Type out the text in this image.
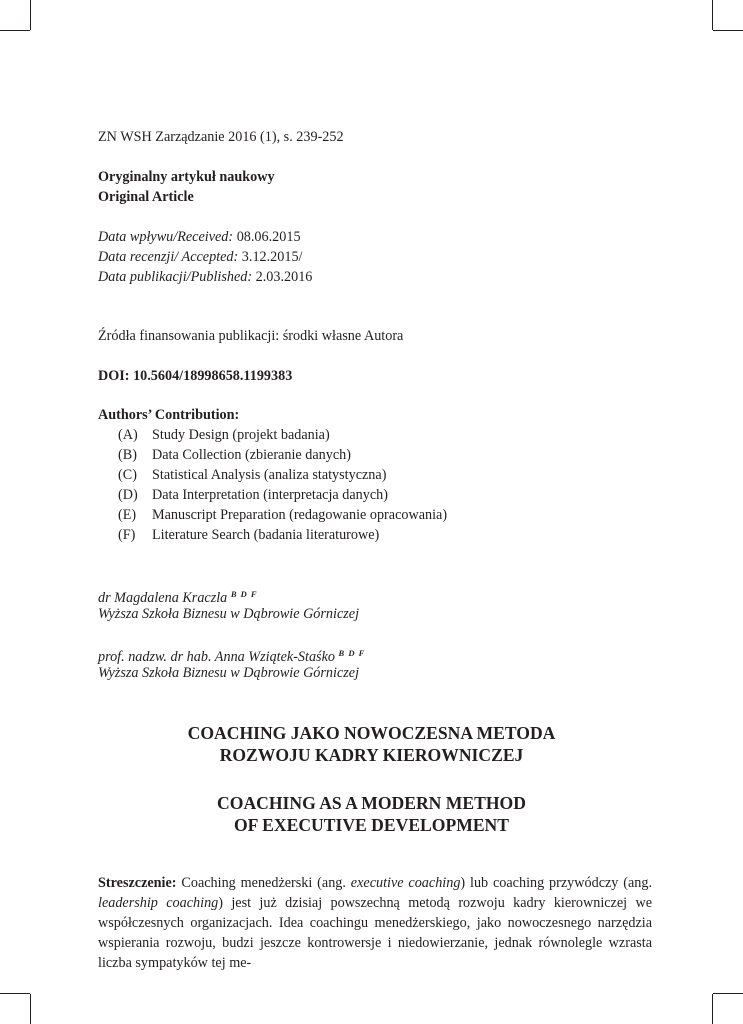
ZN WSH Zarządzanie 2016 (1), s. 239-252
Oryginalny artykuł naukowy
Original Article
Data wpływu/Received: 08.06.2015
Data recenzji/ Accepted: 3.12.2015/
Data publikacji/Published: 2.03.2016
Źródła finansowania publikacji: środki własne Autora
DOI: 10.5604/18998658.1199383
Authors’ Contribution:
(A) Study Design (projekt badania)
(B) Data Collection (zbieranie danych)
(C) Statistical Analysis (analiza statystyczna)
(D) Data Interpretation (interpretacja danych)
(E) Manuscript Preparation (redagowanie opracowania)
(F) Literature Search (badania literaturowe)
dr Magdalena Kraczla $^{B D F}$
Wyższa Szkoła Biznesu w Dąbrowie Górniczej
prof. nadzw. dr hab. Anna Wziątek-Staśko $^{B D F}$
Wyższa Szkoła Biznesu w Dąbrowie Górniczej
COACHING JAKO NOWOCZESNA METODA
ROZWOJU KADRY KIEROWNICZEJ
COACHING AS A MODERN METHOD
OF EXECUTIVE DEVELOPMENT

Streszczenie: Coaching menedżerski (ang. executive coaching) lub coaching przywódczy (ang. leadership coaching) jest już dzisiaj powszechną metodą rozwoju kadry kierowniczej we współczesnych organizacjach. Idea coachingu menedżerskiego, jako nowoczesnego narzędzia wspierania rozwoju, budzi jeszcze kontrowersje i niedowierzanie, jednak równolegle wzrasta liczba sympatyków tej me-
